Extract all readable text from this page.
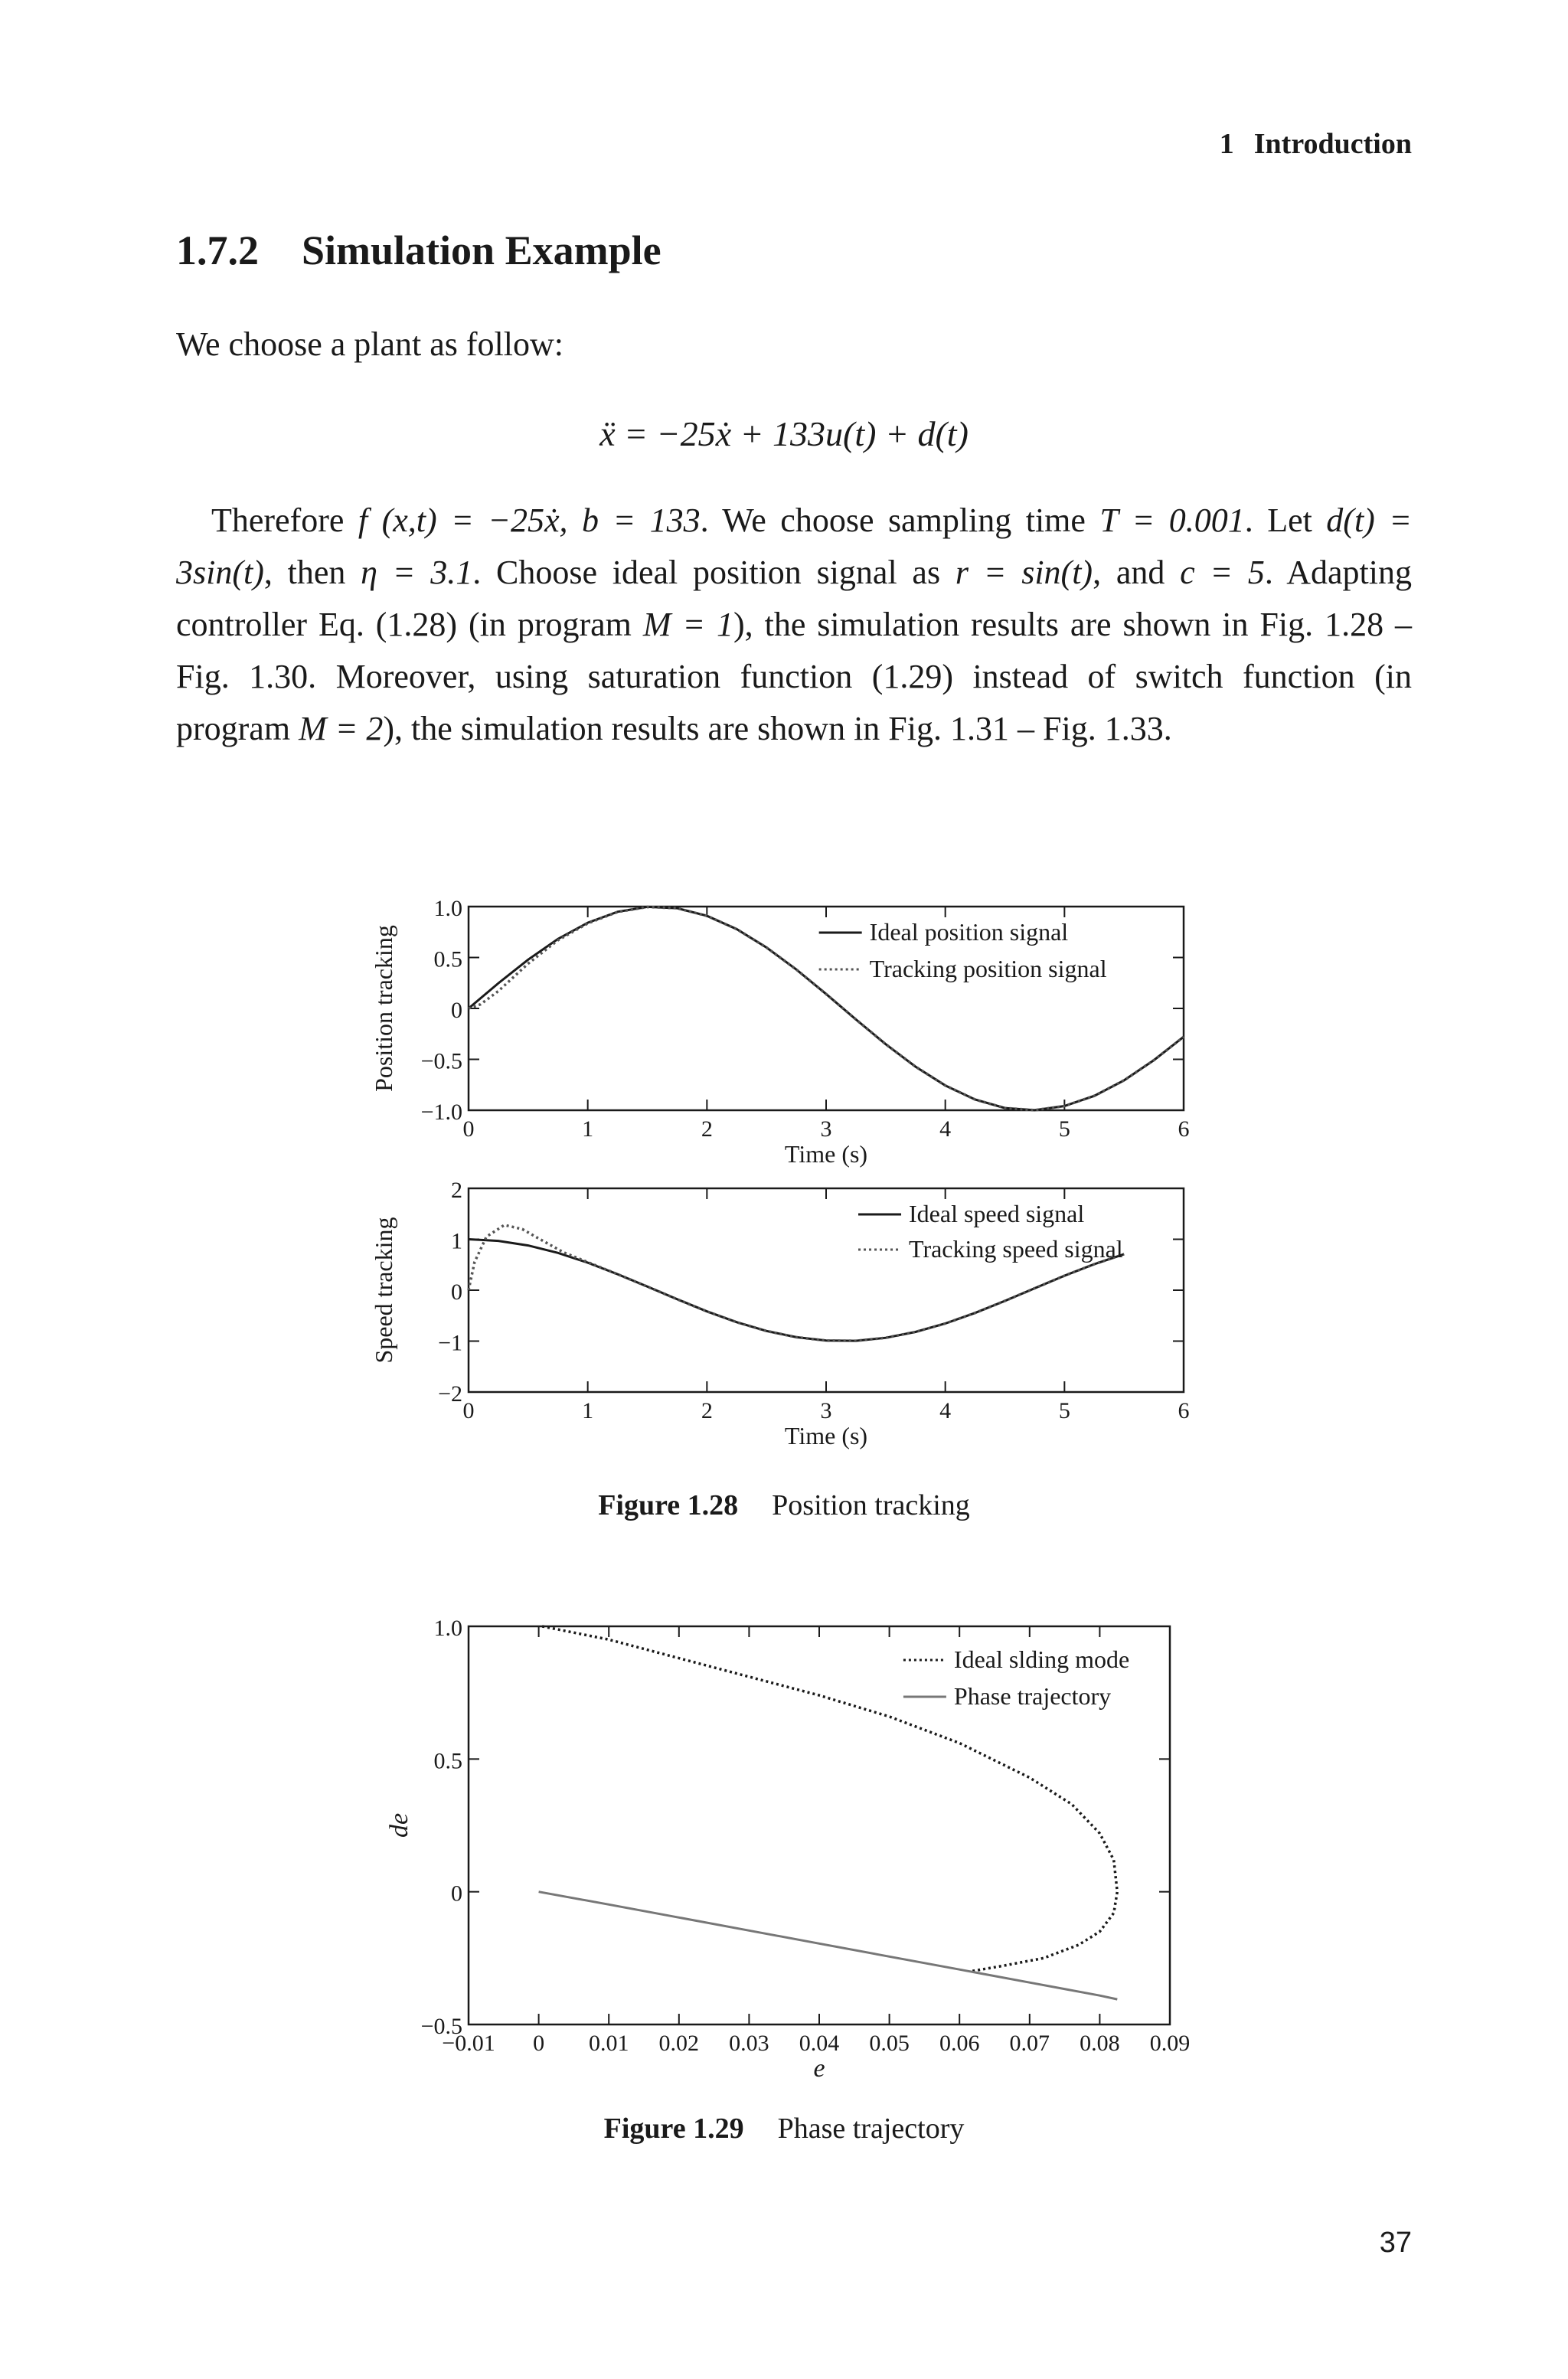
1 Introduction
1.7.2 Simulation Example

We choose a plant as follow:

ẍ = −25ẋ + 133u(t) + d(t)

Therefore f (x,t) = −25ẋ, b = 133. We choose sampling time T = 0.001. Let d(t) = 3sin(t), then η = 3.1. Choose ideal position signal as r = sin(t), and c = 5. Adapting controller Eq. (1.28) (in program M = 1), the simulation results are shown in Fig. 1.28 – Fig. 1.30. Moreover, using saturation function (1.29) instead of switch function (in program M = 2), the simulation results are shown in Fig. 1.31 – Fig. 1.33.

0	1	2	3	4	5	6
1.0
0.5
0
−0.5
−1.0
Time (s)
Position tracking	Ideal position signal
Tracking position signal
0	1	2	3	4	5	6
2
1
0
−1
−2
Time (s)
Speed tracking
Ideal speed signal
Tracking speed signal
Figure 1.28 Position tracking
−0.01 0 0.01 0.02 0.03 0.04 0.05 0.06 0.07 0.08 0.09
1.0
0.5
0
−0.5
e
de
Ideal slding mode
Phase trajectory
Figure 1.29 Phase trajectory
37
